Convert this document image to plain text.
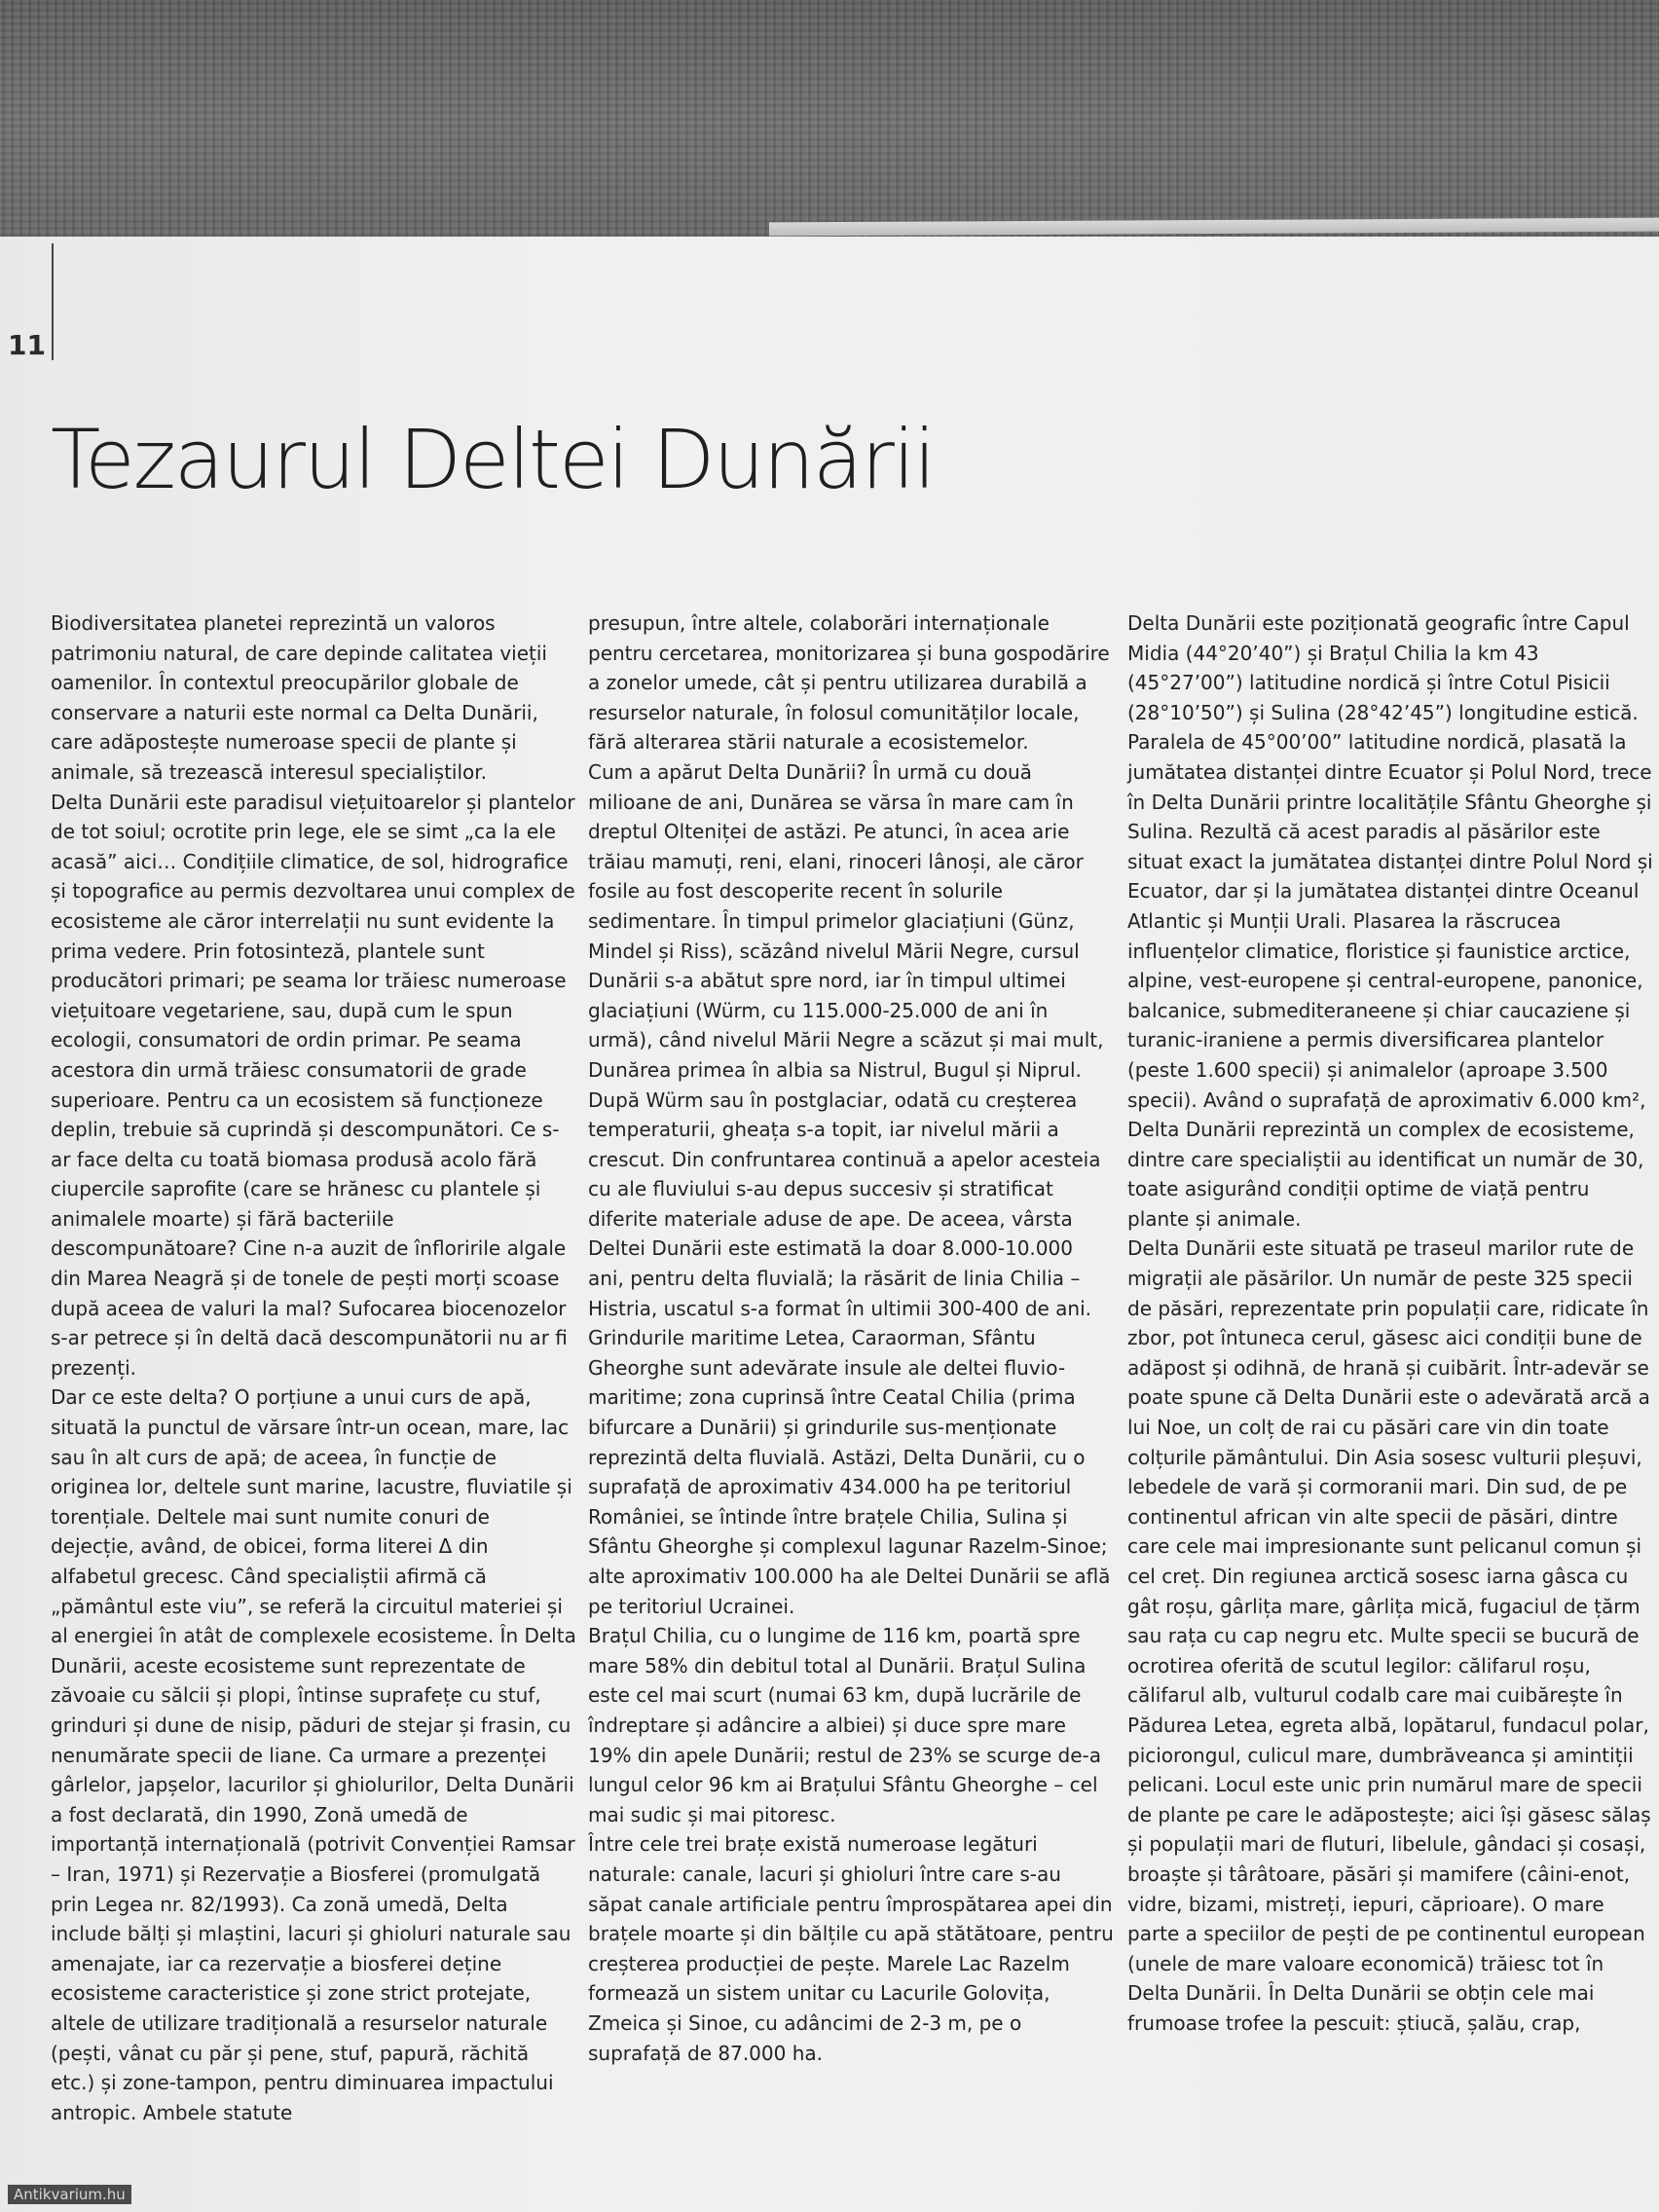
11
Tezaurul Deltei Dunării

Biodiversitatea planetei reprezintă un valoros patrimoniu natural, de care depinde calitatea vieții oamenilor. În contextul preocupărilor globale de conservare a naturii este normal ca Delta Dunării, care adăpostește numeroase specii de plante și animale, să trezească interesul specialiștilor.

Delta Dunării este paradisul viețuitoarelor și plantelor de tot soiul; ocrotite prin lege, ele se simt „ca la ele acasă” aici… Condițiile climatice, de sol, hidrografice și topografice au permis dezvoltarea unui complex de ecosisteme ale căror interrelații nu sunt evidente la prima vedere. Prin fotosinteză, plantele sunt producători primari; pe seama lor trăiesc numeroase viețuitoare vegetariene, sau, după cum le spun ecologii, consumatori de ordin primar. Pe seama acestora din urmă trăiesc consumatorii de grade superioare. Pentru ca un ecosistem să funcționeze deplin, trebuie să cuprindă și descompunători. Ce s-ar face delta cu toată biomasa produsă acolo fără ciupercile saprofite (care se hrănesc cu plantele și animalele moarte) și fără bacteriile descompunătoare? Cine n-a auzit de înfloririle algale din Marea Neagră și de tonele de pești morți scoase după aceea de valuri la mal? Sufocarea biocenozelor s-ar petrece și în deltă dacă descompunătorii nu ar fi prezenți.

Dar ce este delta? O porțiune a unui curs de apă, situată la punctul de vărsare într-un ocean, mare, lac sau în alt curs de apă; de aceea, în funcție de originea lor, deltele sunt marine, lacustre, fluviatile și torențiale. Deltele mai sunt numite conuri de dejecție, având, de obicei, forma literei Δ din alfabetul grecesc. Când specialiștii afirmă că „pământul este viu”, se referă la circuitul materiei și al energiei în atât de complexele ecosisteme. În Delta Dunării, aceste ecosisteme sunt reprezentate de zăvoaie cu sălcii și plopi, întinse suprafețe cu stuf, grinduri și dune de nisip, păduri de stejar și frasin, cu nenumărate specii de liane. Ca urmare a prezenței gârlelor, japșelor, lacurilor și ghiolurilor, Delta Dunării a fost declarată, din 1990, Zonă umedă de importanță internațională (potrivit Convenției Ramsar – Iran, 1971) și Rezervație a Biosferei (promulgată prin Legea nr. 82/1993). Ca zonă umedă, Delta include bălți și mlaștini, lacuri și ghioluri naturale sau amenajate, iar ca rezervație a biosferei deține ecosisteme caracteristice și zone strict protejate, altele de utilizare tradițională a resurselor naturale (pești, vânat cu păr și pene, stuf, papură, răchită etc.) și zone-tampon, pentru diminuarea impactului antropic. Ambele statute

presupun, între altele, colaborări internaționale pentru cercetarea, monitorizarea și buna gospodărire a zonelor umede, cât și pentru utilizarea durabilă a resurselor naturale, în folosul comunităților locale, fără alterarea stării naturale a ecosistemelor.

Cum a apărut Delta Dunării? În urmă cu două milioane de ani, Dunărea se vărsa în mare cam în dreptul Olteniței de astăzi. Pe atunci, în acea arie trăiau mamuți, reni, elani, rinoceri lânoși, ale căror fosile au fost descoperite recent în solurile sedimentare. În timpul primelor glaciațiuni (Günz, Mindel și Riss), scăzând nivelul Mării Negre, cursul Dunării s-a abătut spre nord, iar în timpul ultimei glaciațiuni (Würm, cu 115.000-25.000 de ani în urmă), când nivelul Mării Negre a scăzut și mai mult, Dunărea primea în albia sa Nistrul, Bugul și Niprul. După Würm sau în postglaciar, odată cu creșterea temperaturii, gheața s-a topit, iar nivelul mării a crescut. Din confruntarea continuă a apelor acesteia cu ale fluviului s-au depus succesiv și stratificat diferite materiale aduse de ape. De aceea, vârsta Deltei Dunării este estimată la doar 8.000-10.000 ani, pentru delta fluvială; la răsărit de linia Chilia – Histria, uscatul s-a format în ultimii 300-400 de ani.

Grindurile maritime Letea, Caraorman, Sfântu Gheorghe sunt adevărate insule ale deltei fluvio-maritime; zona cuprinsă între Ceatal Chilia (prima bifurcare a Dunării) și grindurile sus-menționate reprezintă delta fluvială. Astăzi, Delta Dunării, cu o suprafață de aproximativ 434.000 ha pe teritoriul României, se întinde între brațele Chilia, Sulina și Sfântu Gheorghe și complexul lagunar Razelm-Sinoe; alte aproximativ 100.000 ha ale Deltei Dunării se află pe teritoriul Ucrainei.

Brațul Chilia, cu o lungime de 116 km, poartă spre mare 58% din debitul total al Dunării. Brațul Sulina este cel mai scurt (numai 63 km, după lucrările de îndreptare și adâncire a albiei) și duce spre mare 19% din apele Dunării; restul de 23% se scurge de-a lungul celor 96 km ai Brațului Sfântu Gheorghe – cel mai sudic și mai pitoresc.

Între cele trei brațe există numeroase legături naturale: canale, lacuri și ghioluri între care s-au săpat canale artificiale pentru împrospătarea apei din brațele moarte și din bălțile cu apă stătătoare, pentru creșterea producției de pește. Marele Lac Razelm formează un sistem unitar cu Lacurile Golovița, Zmeica și Sinoe, cu adâncimi de 2-3 m, pe o suprafață de 87.000 ha.

Delta Dunării este poziționată geografic între Capul Midia (44°20’40”) și Brațul Chilia la km 43 (45°27’00”) latitudine nordică și între Cotul Pisicii (28°10’50”) și Sulina (28°42’45”) longitudine estică. Paralela de 45°00’00” latitudine nordică, plasată la jumătatea distanței dintre Ecuator și Polul Nord, trece în Delta Dunării printre localitățile Sfântu Gheorghe și Sulina. Rezultă că acest paradis al păsărilor este situat exact la jumătatea distanței dintre Polul Nord și Ecuator, dar și la jumătatea distanței dintre Oceanul Atlantic și Munții Urali. Plasarea la răscrucea influențelor climatice, floristice și faunistice arctice, alpine, vest-europene și central-europene, panonice, balcanice, submediteraneene și chiar caucaziene și turanic-iraniene a permis diversificarea plantelor (peste 1.600 specii) și animalelor (aproape 3.500 specii). Având o suprafață de aproximativ 6.000 km², Delta Dunării reprezintă un complex de ecosisteme, dintre care specialiștii au identificat un număr de 30, toate asigurând condiții optime de viață pentru plante și animale.

Delta Dunării este situată pe traseul marilor rute de migrații ale păsărilor. Un număr de peste 325 specii de păsări, reprezentate prin populații care, ridicate în zbor, pot întuneca cerul, găsesc aici condiții bune de adăpost și odihnă, de hrană și cuibărit. Într-adevăr se poate spune că Delta Dunării este o adevărată arcă a lui Noe, un colț de rai cu păsări care vin din toate colțurile pământului. Din Asia sosesc vulturii pleșuvi, lebedele de vară și cormoranii mari. Din sud, de pe continentul african vin alte specii de păsări, dintre care cele mai impresionante sunt pelicanul comun și cel creț. Din regiunea arctică sosesc iarna gâsca cu gât roșu, gârlița mare, gârlița mică, fugaciul de țărm sau rața cu cap negru etc. Multe specii se bucură de ocrotirea oferită de scutul legilor: călifarul roșu, călifarul alb, vulturul codalb care mai cuibărește în Pădurea Letea, egreta albă, lopătarul, fundacul polar, piciorongul, culicul mare, dumbrăveanca și amintiții pelicani. Locul este unic prin numărul mare de specii de plante pe care le adăpostește; aici își găsesc sălaș și populații mari de fluturi, libelule, gândaci și cosași, broaște și târâtoare, păsări și mamifere (câini-enot, vidre, bizami, mistreți, iepuri, căprioare). O mare parte a speciilor de pești de pe continentul european (unele de mare valoare economică) trăiesc tot în Delta Dunării. În Delta Dunării se obțin cele mai frumoase trofee la pescuit: știucă, șalău, crap,

Antikvarium.hu
